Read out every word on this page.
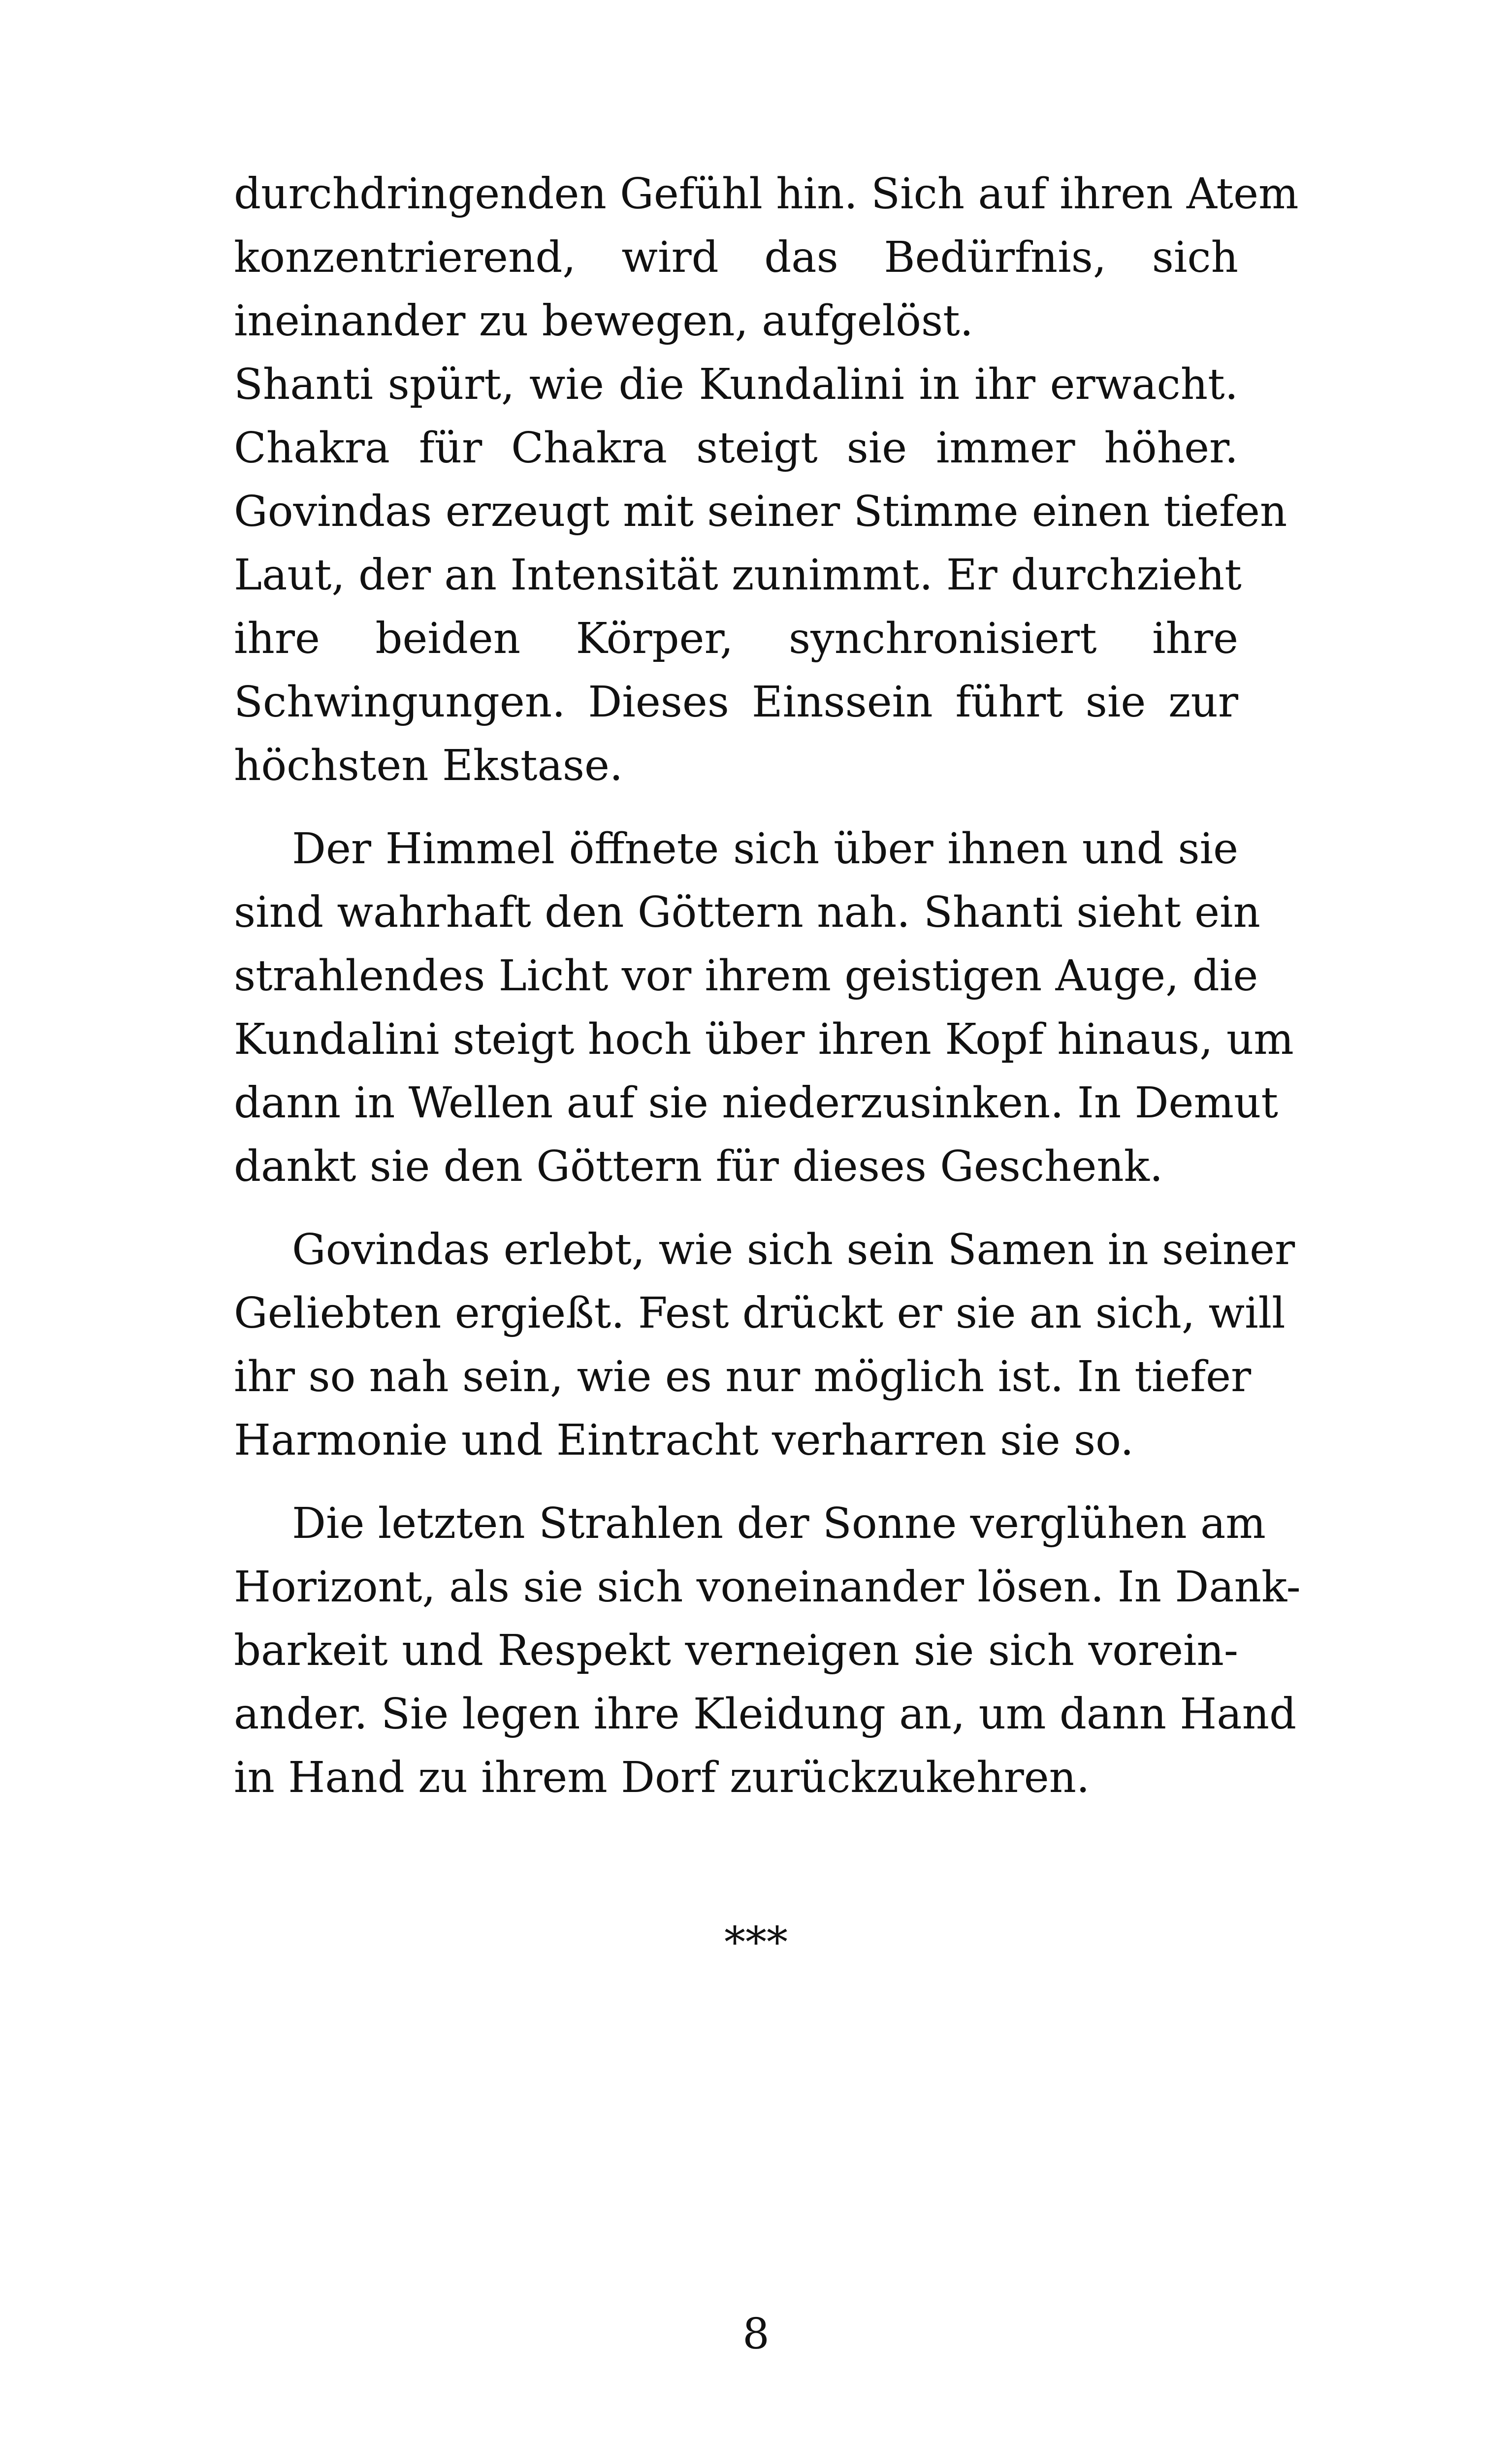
durchdringenden Gefühl hin. Sich auf ihren Atem
konzentrierend, wird das Bedürfnis, sich
ineinander zu bewegen, aufgelöst.
Shanti spürt, wie die Kundalini in ihr erwacht.
Chakra für Chakra steigt sie immer höher.
Govindas erzeugt mit seiner Stimme einen tiefen
Laut, der an Intensität zunimmt. Er durchzieht
ihre beiden Körper, synchronisiert ihre
Schwingungen. Dieses Einssein führt sie zur
höchsten Ekstase.
Der Himmel öffnete sich über ihnen und sie
sind wahrhaft den Göttern nah. Shanti sieht ein
strahlendes Licht vor ihrem geistigen Auge, die
Kundalini steigt hoch über ihren Kopf hinaus, um
dann in Wellen auf sie niederzusinken. In Demut
dankt sie den Göttern für dieses Geschenk.
Govindas erlebt, wie sich sein Samen in seiner
Geliebten ergießt. Fest drückt er sie an sich, will
ihr so nah sein, wie es nur möglich ist. In tiefer
Harmonie und Eintracht verharren sie so.
Die letzten Strahlen der Sonne verglühen am
Horizont, als sie sich voneinander lösen. In Dank-
barkeit und Respekt verneigen sie sich vorein-
ander. Sie legen ihre Kleidung an, um dann Hand
in Hand zu ihrem Dorf zurückzukehren.
***
8
